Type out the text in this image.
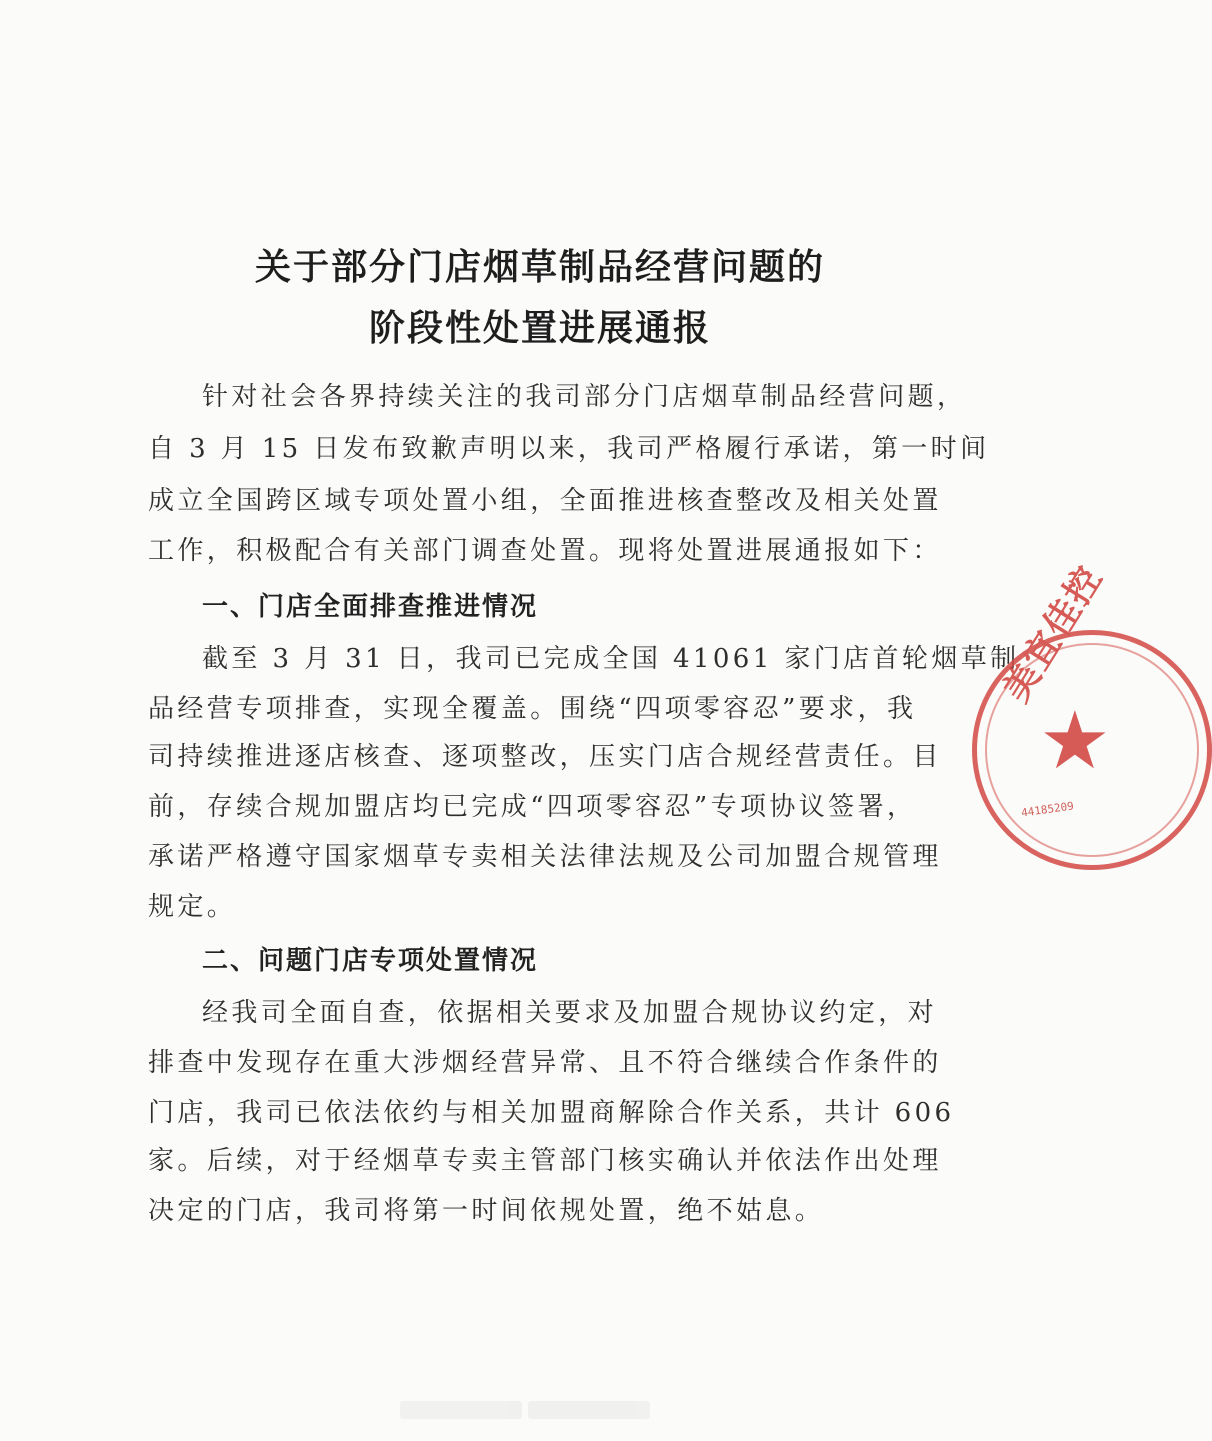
关于部分门店烟草制品经营问题的
阶段性处置进展通报

针对社会各界持续关注的我司部分门店烟草制品经营问题，

自 3 月 15 日发布致歉声明以来，我司严格履行承诺，第一时间

成立全国跨区域专项处置小组，全面推进核查整改及相关处置

工作，积极配合有关部门调查处置。现将处置进展通报如下：

一、门店全面排查推进情况

截至 3 月 31 日，我司已完成全国 41061 家门店首轮烟草制

品经营专项排查，实现全覆盖。围绕“四项零容忍”要求，我

司持续推进逐店核查、逐项整改，压实门店合规经营责任。目

前，存续合规加盟店均已完成“四项零容忍”专项协议签署，

承诺严格遵守国家烟草专卖相关法律法规及公司加盟合规管理

规定。

二、问题门店专项处置情况

经我司全面自查，依据相关要求及加盟合规协议约定，对

排查中发现存在重大涉烟经营异常、且不符合继续合作条件的

门店，我司已依法依约与相关加盟商解除合作关系，共计 606

家。后续，对于经烟草专卖主管部门核实确认并依法作出处理

决定的门店，我司将第一时间依规处置，绝不姑息。

美宜佳控
★
44185209
